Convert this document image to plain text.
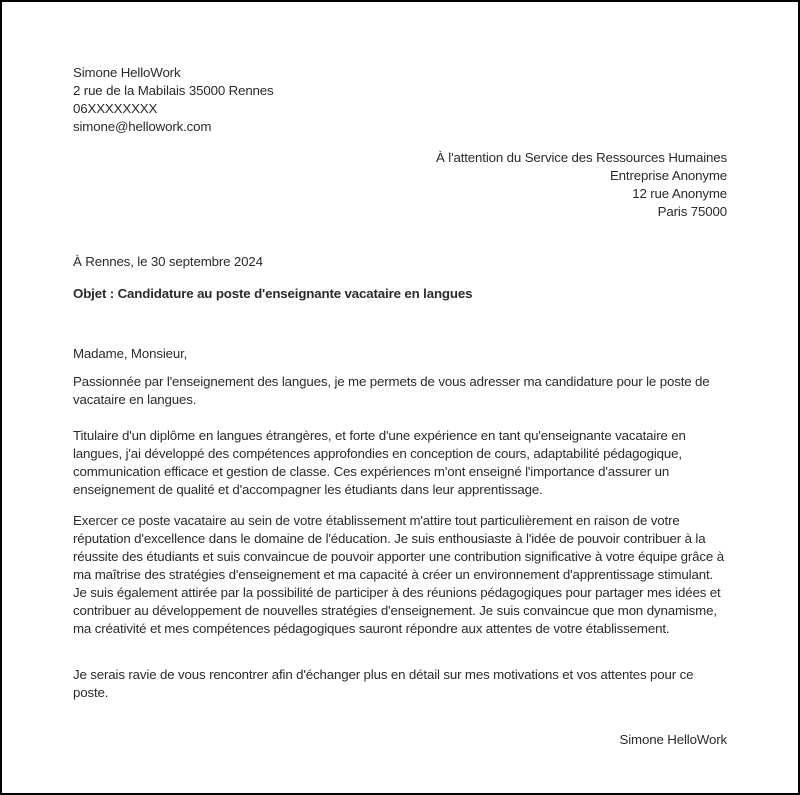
Simone HelloWork
2 rue de la Mabilais 35000 Rennes
06XXXXXXXX
simone@hellowork.com
À l'attention du Service des Ressources Humaines
Entreprise Anonyme
12 rue Anonyme
Paris 75000
À Rennes, le 30 septembre 2024
Objet : Candidature au poste d'enseignante vacataire en langues
Madame, Monsieur,

Passionnée par l'enseignement des langues, je me permets de vous adresser ma candidature pour le poste de vacataire en langues.

Titulaire d'un diplôme en langues étrangères, et forte d'une expérience en tant qu'enseignante vacataire en langues, j'ai développé des compétences approfondies en conception de cours, adaptabilité pédagogique, communication efficace et gestion de classe. Ces expériences m'ont enseigné l'importance d'assurer un enseignement de qualité et d'accompagner les étudiants dans leur apprentissage.

Exercer ce poste vacataire au sein de votre établissement m'attire tout particulièrement en raison de votre réputation d'excellence dans le domaine de l'éducation. Je suis enthousiaste à l'idée de pouvoir contribuer à la réussite des étudiants et suis convaincue de pouvoir apporter une contribution significative à votre équipe grâce à ma maîtrise des stratégies d'enseignement et ma capacité à créer un environnement d'apprentissage stimulant. Je suis également attirée par la possibilité de participer à des réunions pédagogiques pour partager mes idées et contribuer au développement de nouvelles stratégies d'enseignement. Je suis convaincue que mon dynamisme, ma créativité et mes compétences pédagogiques sauront répondre aux attentes de votre établissement.

Je serais ravie de vous rencontrer afin d'échanger plus en détail sur mes motivations et vos attentes pour ce poste.

Simone HelloWork
